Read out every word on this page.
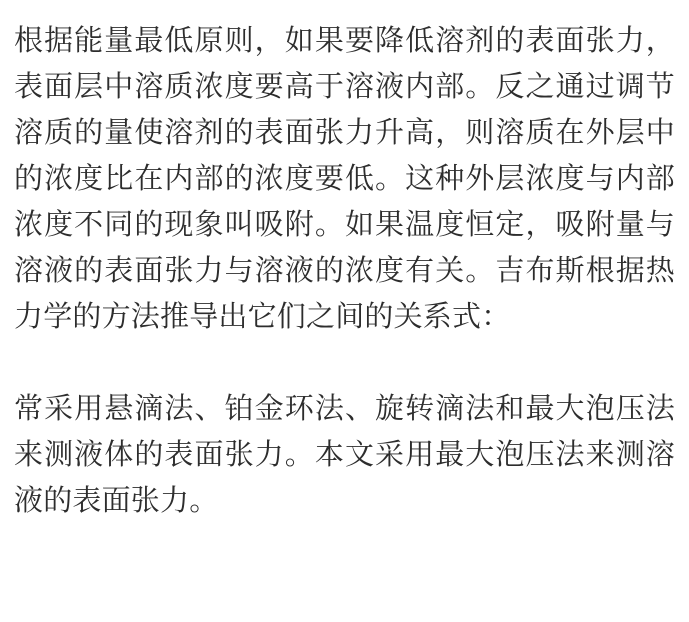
根据能量最低原则，如果要降低溶剂的表面张力，表面层中溶质浓度要高于溶液内部。反之通过调节溶质的量使溶剂的表面张力升高，则溶质在外层中的浓度比在内部的浓度要低。这种外层浓度与内部浓度不同的现象叫吸附。如果温度恒定，吸附量与溶液的表面张力与溶液的浓度有关。吉布斯根据热力学的方法推导出它们之间的关系式：

常采用悬滴法、铂金环法、旋转滴法和最大泡压法来测液体的表面张力。本文采用最大泡压法来测溶液的表面张力。
